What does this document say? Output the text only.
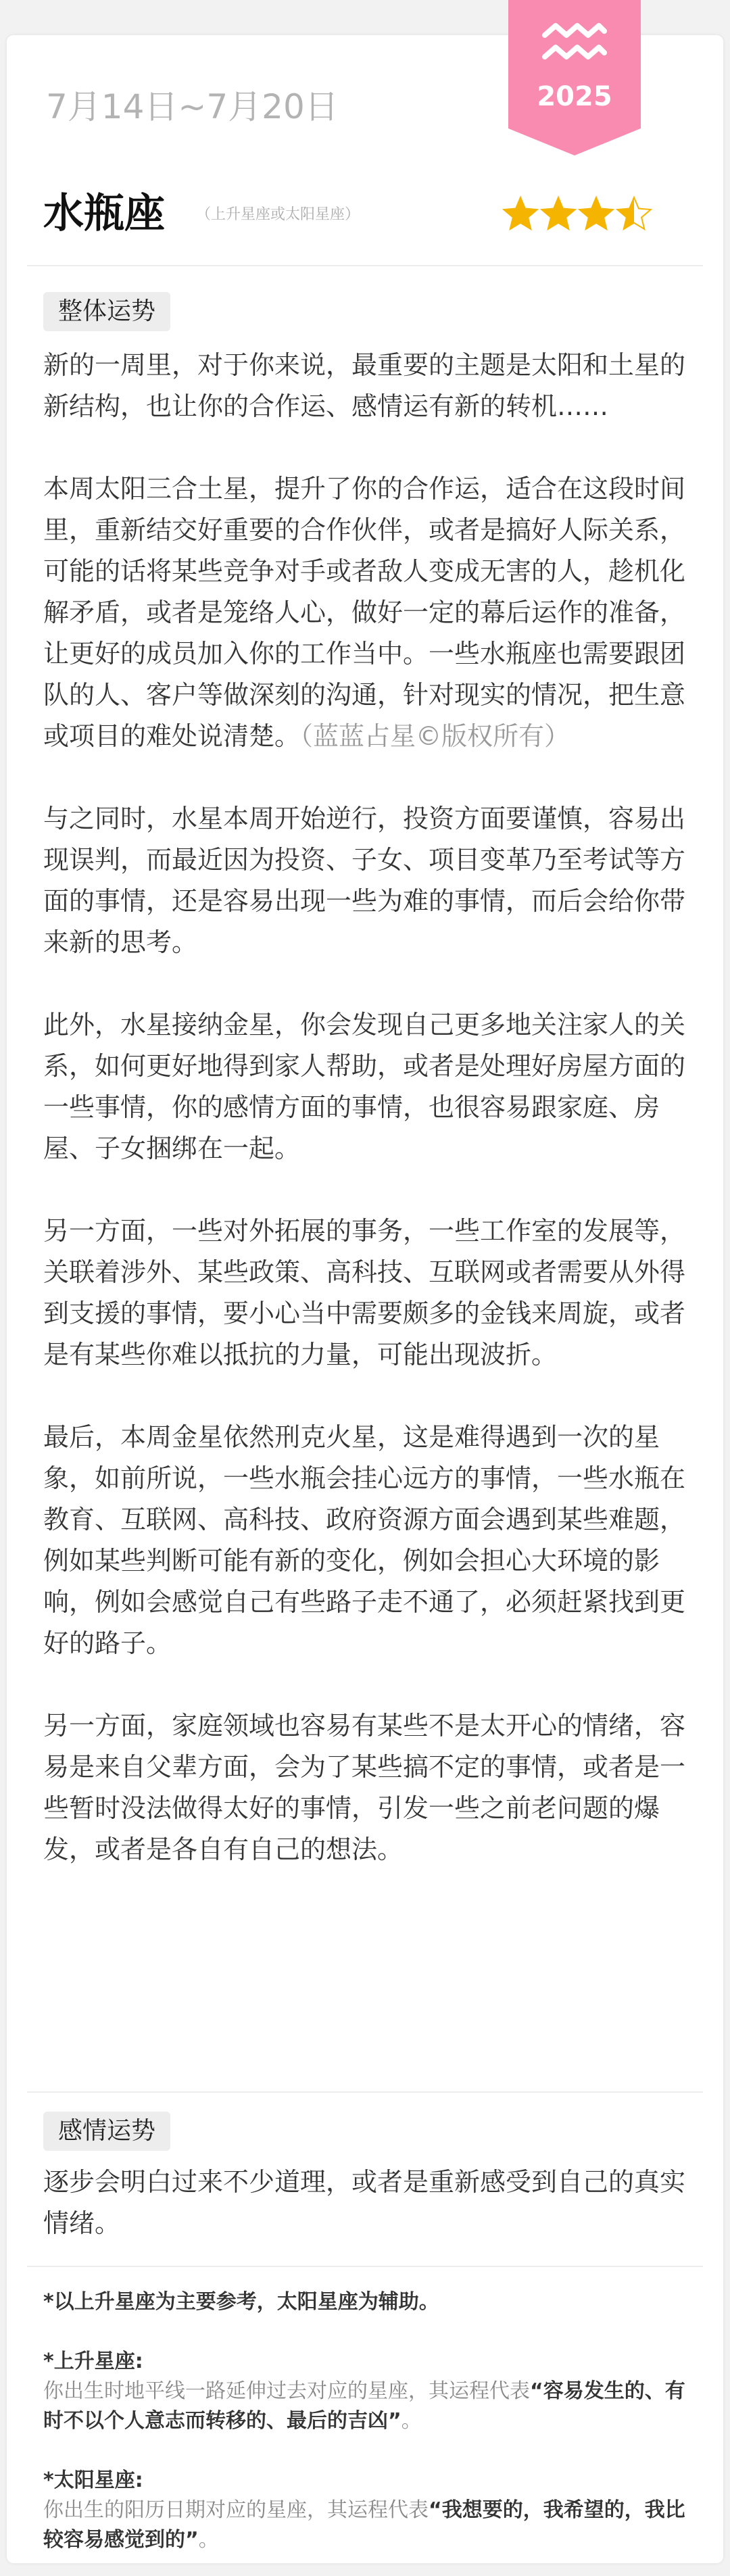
2025
7月14日~7月20日
水瓶座 （上升星座或太阳星座）
整体运势

新的一周里，对于你来说，最重要的主题是太阳和土星的新结构，也让你的合作运、感情运有新的转机……

本周太阳三合土星，提升了你的合作运，适合在这段时间里，重新结交好重要的合作伙伴，或者是搞好人际关系，可能的话将某些竞争对手或者敌人变成无害的人，趁机化解矛盾，或者是笼络人心，做好一定的幕后运作的准备，让更好的成员加入你的工作当中。一些水瓶座也需要跟团队的人、客户等做深刻的沟通，针对现实的情况，把生意或项目的难处说清楚。（蓝蓝占星©版权所有）

与之同时，水星本周开始逆行，投资方面要谨慎，容易出现误判，而最近因为投资、子女、项目变革乃至考试等方面的事情，还是容易出现一些为难的事情，而后会给你带来新的思考。

此外，水星接纳金星，你会发现自己更多地关注家人的关系，如何更好地得到家人帮助，或者是处理好房屋方面的一些事情，你的感情方面的事情，也很容易跟家庭、房屋、子女捆绑在一起。

另一方面，一些对外拓展的事务，一些工作室的发展等，关联着涉外、某些政策、高科技、互联网或者需要从外得到支援的事情，要小心当中需要颇多的金钱来周旋，或者是有某些你难以抵抗的力量，可能出现波折。

最后，本周金星依然刑克火星，这是难得遇到一次的星象，如前所说，一些水瓶会挂心远方的事情，一些水瓶在教育、互联网、高科技、政府资源方面会遇到某些难题，例如某些判断可能有新的变化，例如会担心大环境的影响，例如会感觉自己有些路子走不通了，必须赶紧找到更好的路子。

另一方面，家庭领域也容易有某些不是太开心的情绪，容易是来自父辈方面，会为了某些搞不定的事情，或者是一些暂时没法做得太好的事情，引发一些之前老问题的爆发，或者是各自有自己的想法。

感情运势
逐步会明白过来不少道理，或者是重新感受到自己的真实情绪。
*以上升星座为主要参考，太阳星座为辅助。
*上升星座:
你出生时地平线一路延伸过去对应的星座，其运程代表“容易发生的、有时不以个人意志而转移的、最后的吉凶”。
*太阳星座:
你出生的阳历日期对应的星座，其运程代表“我想要的，我希望的，我比较容易感觉到的”。
